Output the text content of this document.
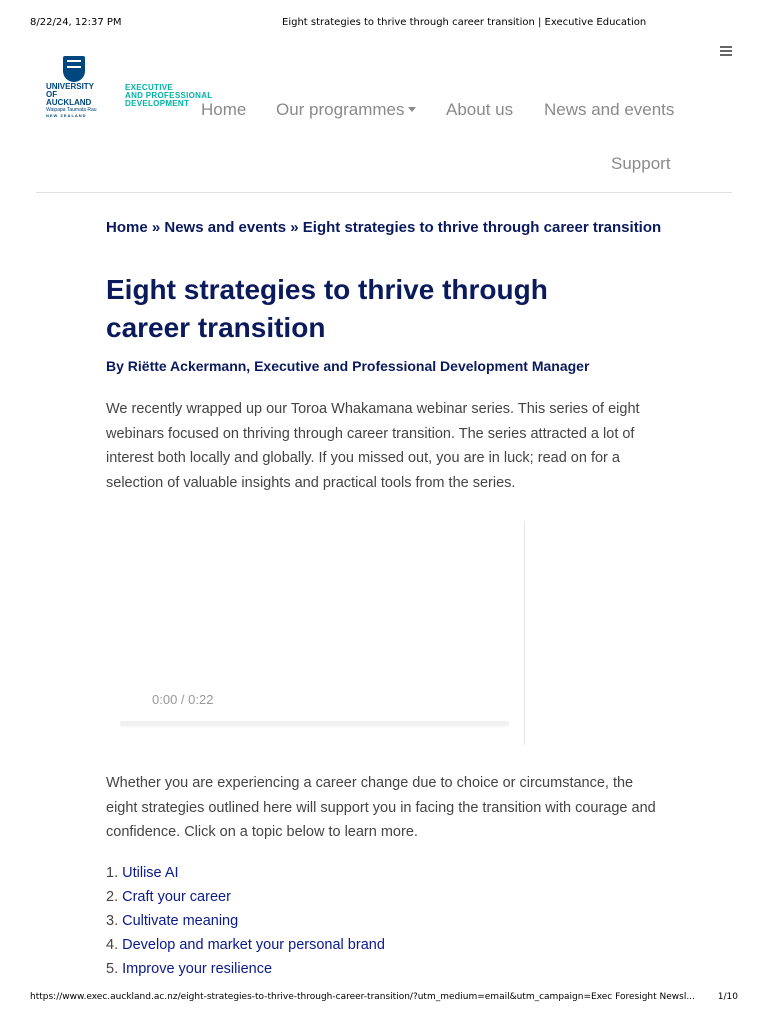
8/22/24, 12:37 PM	Eight strategies to thrive through career transition | Executive Education
UNIVERSITY OF
AUCKLAND
Waipapa Taumata Rau
NEW ZEALAND
EXECUTIVE
AND PROFESSIONAL
DEVELOPMENT Home Our programmes	About us News and events
Support
Home » News and events » Eight strategies to thrive through career transition
Eight strategies to thrive through career transition
By Riëtte Ackermann, Executive and Professional Development Manager

We recently wrapped up our Toroa Whakamana webinar series. This series of eight webinars focused on thriving through career transition. The series attracted a lot of interest both locally and globally. If you missed out, you are in luck; read on for a selection of valuable insights and practical tools from the series.

0:00 / 0:22

Whether you are experiencing a career change due to choice or circumstance, the eight strategies outlined here will support you in facing the transition with courage and confidence. Click on a topic below to learn more.

1. Utilise AI
2. Craft your career
3. Cultivate meaning
4. Develop and market your personal brand
5. Improve your resilience
https://www.exec.auckland.ac.nz/eight-strategies-to-thrive-through-career-transition/?utm_medium=email&utm_campaign=Exec Foresight Newsl...	1/10
